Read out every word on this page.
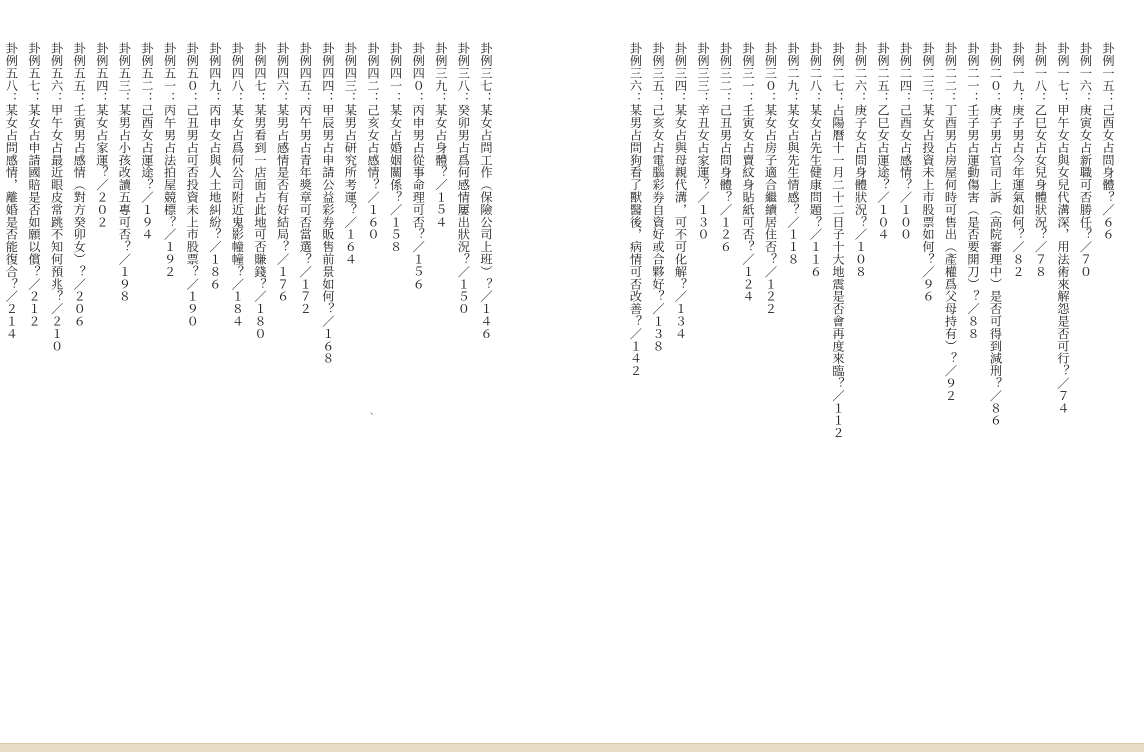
卦例一五：己酉女占問身體？／６６
卦例一六：庚寅女占新職可否勝任？／７０
卦例一七：甲午女占與女兒代溝深，用法術來解怨是否可行？／７４
卦例一八：乙巳女占女兒身體狀況？／７８
卦例一九：庚子男占今年運氣如何？／８２
卦例二０：庚子男占官司上訴（高院審理中）是否可得到減刑？／８６
卦例二一：壬子男占運動傷害（是否要開刀）？／８８
卦例二二：丁酉男占房屋何時可售出（產權爲父母持有）？／９２
卦例二三：某女占投資未上市股票如何？／９６
卦例二四：己酉女占感情？／１００
卦例二五：乙巳女占運途？／１０４
卦例二六：庚子女占問身體狀況？／１０８
卦例二七：占陽曆十一月二十二日子十大地震是否會再度來臨？／１１２
卦例二八：某女占先生健康問題？／１１６
卦例二九：某女占與先生情感？／１１８
卦例三０：某女占房子適合繼續居住否？／１２２
卦例三一：壬寅女占賣紋身貼紙可否？／１２４
卦例三二：己丑男占問身體？／１２６
卦例三三：辛丑女占家運？／１３０
卦例三四：某女占與母親代溝，可不可化解？／１３４
卦例三五：己亥女占電腦彩券自資好或合夥好？／１３８
卦例三六：某男占問狗看了獸醫後，病情可否改善？／１４２
卦例三七：某女占問工作（保險公司上班）？／１４６
卦例三八：癸卯男占爲何感情屢出狀況？／１５０
卦例三九：某女占身體？／１５４
卦例四０：丙申男占從事命理可否？／１５６
卦例四一：某女占婚姻關係？／１５８
卦例四二：己亥女占感情？／１６０
卦例四三：某男占研究所考運？／１６４
卦例四四：甲辰男占申請公益彩券販售前景如何？／１６８
卦例四五：丙午男占青年獎章可否當選？／１７２
卦例四六：某男占感情是否有好結局？／１７６
卦例四七：某男看到一店面占此地可否賺錢？／１８０
卦例四八：某女占爲何公司附近鬼影幢幢？／１８４
卦例四九：丙申女占與人土地糾紛？／１８６
卦例五０：己丑男占可否投資未上市股票？／１９０
卦例五一：丙午男占法拍屋競標？／１９２
卦例五二：己酉女占運途？／１９４
卦例五三：某男占小孩改讀五專可否？／１９８
卦例五四：某女占家運？／２０２
卦例五五：壬寅男占感情（對方癸卯女）？／２０６
卦例五六：甲午女占最近眼皮常跳不知何預兆？／２１０
卦例五七：某女占申請國賠是否如願以償？／２１２
卦例五八：某女占問感情，離婚是否能復合？／２１４
、
